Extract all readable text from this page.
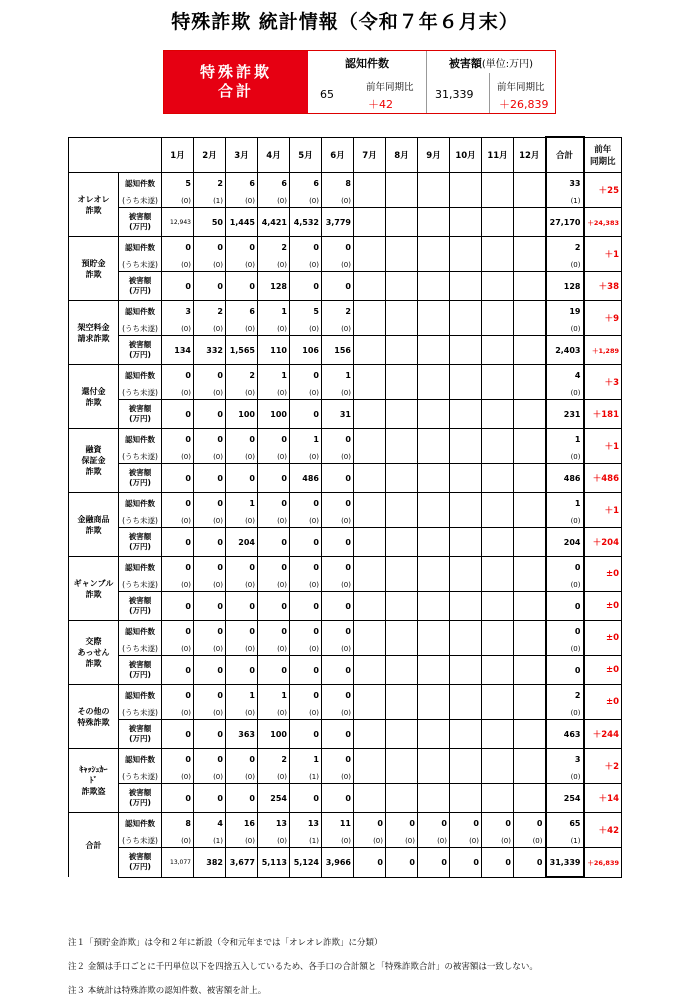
特殊詐欺 統計情報（令和７年６月末）
特殊詐欺
合計
認知件数
65
前年同期比
＋42
被害額(単位:万円)
31,339
前年同期比
＋26,839
		1月	2月	3月	4月	5月	6月	7月	8月	9月	10月	11月	12月	合計	前年
同期比

オレオレ
詐欺	認知件数	5	2	6	6	6	8							33	＋25
	(うち未遂)	(0)	(1)	(0)	(0)	(0)	(0)							(1)	

	被害額
(万円)	12,943	50	1,445	4,421	4,532	3,779							27,170	＋24,383

預貯金
詐欺	認知件数	0	0	0	2	0	0							2	＋1
	(うち未遂)	(0)	(0)	(0)	(0)	(0)	(0)							(0)	

	被害額
(万円)	0	0	0	128	0	0							128	＋38

架空料金
請求詐欺	認知件数	3	2	6	1	5	2							19	＋9
	(うち未遂)	(0)	(0)	(0)	(0)	(0)	(0)							(0)	

	被害額
(万円)	134	332	1,565	110	106	156							2,403	＋1,289

還付金
詐欺	認知件数	0	0	2	1	0	1							4	＋3
	(うち未遂)	(0)	(0)	(0)	(0)	(0)	(0)							(0)	

	被害額
(万円)	0	0	100	100	0	31							231	＋181

融資
保証金
詐欺	認知件数	0	0	0	0	1	0							1	＋1
	(うち未遂)	(0)	(0)	(0)	(0)	(0)	(0)							(0)	

	被害額
(万円)	0	0	0	0	486	0							486	＋486

金融商品
詐欺	認知件数	0	0	1	0	0	0							1	＋1
	(うち未遂)	(0)	(0)	(0)	(0)	(0)	(0)							(0)	

	被害額
(万円)	0	0	204	0	0	0							204	＋204

ギャンブル
詐欺	認知件数	0	0	0	0	0	0							0	±0
	(うち未遂)	(0)	(0)	(0)	(0)	(0)	(0)							(0)	

	被害額
(万円)	0	0	0	0	0	0							0	±0

交際
あっせん
詐欺	認知件数	0	0	0	0	0	0							0	±0
	(うち未遂)	(0)	(0)	(0)	(0)	(0)	(0)							(0)	

	被害額
(万円)	0	0	0	0	0	0							0	±0

その他の
特殊詐欺	認知件数	0	0	1	1	0	0							2	±0
	(うち未遂)	(0)	(0)	(0)	(0)	(0)	(0)							(0)	

	被害額
(万円)	0	0	363	100	0	0							463	＋244

ｷｬｯｼｭｶｰ
ﾄﾞ
詐欺盗	認知件数	0	0	0	2	1	0							3	＋2
	(うち未遂)	(0)	(0)	(0)	(0)	(1)	(0)							(0)	

	被害額
(万円)	0	0	0	254	0	0							254	＋14

合計	認知件数	8	4	16	13	13	11	0	0	0	0	0	0	65	＋42
	(うち未遂)	(0)	(1)	(0)	(0)	(1)	(0)	(0)	(0)	(0)	(0)	(0)	(0)	(1)	

	被害額
(万円)	13,077	382	3,677	5,113	5,124	3,966	0	0	0	0	0	0	31,339	＋26,839
注１「預貯金詐欺」は令和２年に新設（令和元年までは「オレオレ詐欺」に分類）
注２ 金額は手口ごとに千円単位以下を四捨五入しているため、各手口の合計額と「特殊詐欺合計」の被害額は一致しない。
注３ 本統計は特殊詐欺の認知件数、被害額を計上。
